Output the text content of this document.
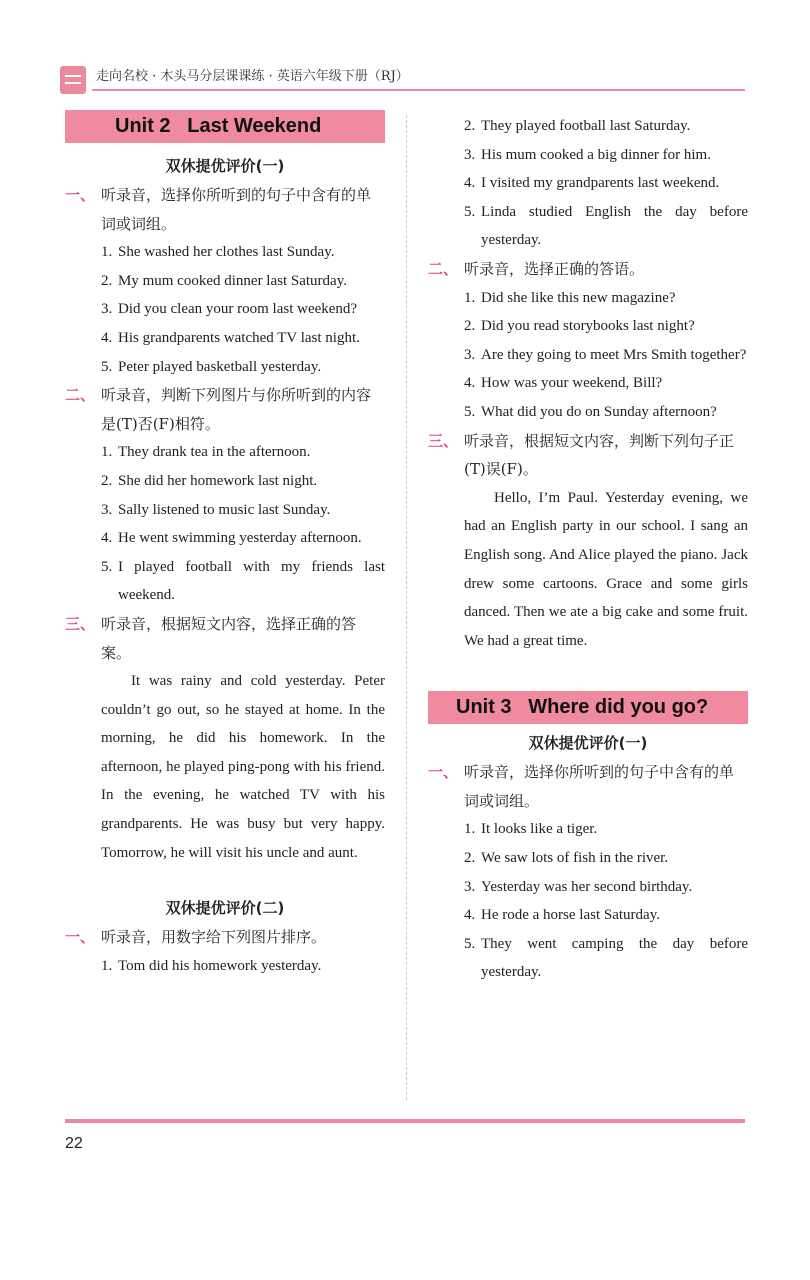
走向名校 · 木头马分层课课练 · 英语六年级下册（RJ）
Unit 2   Last Weekend
双休提优评价(一)
一、 听录音，选择你所听到的句子中含有的单词或词组。
1. She washed her clothes last Sunday.
2. My mum cooked dinner last Saturday.
3. Did you clean your room last weekend?
4. His grandparents watched TV last night.
5. Peter played basketball yesterday.
二、 听录音，判断下列图片与你所听到的内容是(T)否(F)相符。
1. They drank tea in the afternoon.
2. She did her homework last night.
3. Sally listened to music last Sunday.
4. He went swimming yesterday afternoon.
5. I played football with my friends last weekend.
三、 听录音，根据短文内容，选择正确的答案。
It was rainy and cold yesterday. Peter couldn’t go out, so he stayed at home. In the morning, he did his homework. In the afternoon, he played ping-pong with his friend. In the evening, he watched TV with his grandparents. He was busy but very happy. Tomorrow, he will visit his uncle and aunt.
双休提优评价(二)
一、 听录音，用数字给下列图片排序。
1. Tom did his homework yesterday.
2. They played football last Saturday.
3. His mum cooked a big dinner for him.
4. I visited my grandparents last weekend.
5. Linda studied English the day before yesterday.
二、 听录音，选择正确的答语。
1. Did she like this new magazine?
2. Did you read storybooks last night?
3. Are they going to meet Mrs Smith together?
4. How was your weekend, Bill?
5. What did you do on Sunday afternoon?
三、 听录音，根据短文内容，判断下列句子正(T)误(F)。
Hello, I’m Paul. Yesterday evening, we had an English party in our school. I sang an English song. And Alice played the piano. Jack drew some cartoons. Grace and some girls danced. Then we ate a big cake and some fruit. We had a great time.
Unit 3   Where did you go?
双休提优评价(一)
一、 听录音，选择你所听到的句子中含有的单词或词组。
1. It looks like a tiger.
2. We saw lots of fish in the river.
3. Yesterday was her second birthday.
4. He rode a horse last Saturday.
5. They went camping the day before yesterday.
22
